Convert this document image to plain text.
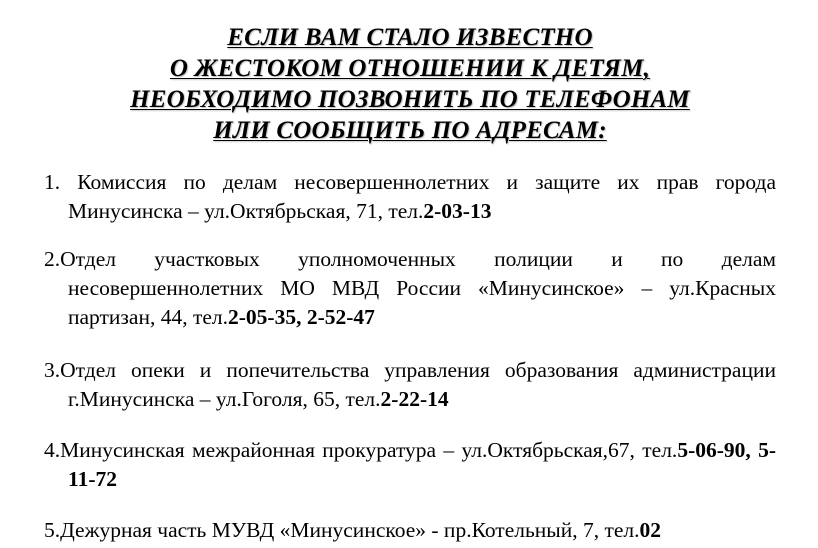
ЕСЛИ ВАМ СТАЛО ИЗВЕСТНО
О ЖЕСТОКОМ ОТНОШЕНИИ К ДЕТЯМ,
НЕОБХОДИМО ПОЗВОНИТЬ ПО ТЕЛЕФОНАМ
ИЛИ СООБЩИТЬ ПО АДРЕСАМ:

1. Комиссия по делам несовершеннолетних и защите их прав города Минусинска – ул.Октябрьская, 71, тел.2-03-13

2.Отдел участковых уполномоченных полиции и по делам несовершеннолетних МО МВД России «Минусинское» – ул.Красных партизан, 44, тел.2-05-35, 2-52-47

3.Отдел опеки и попечительства управления образования администрации г.Минусинска – ул.Гоголя, 65, тел.2-22-14

4.Минусинская межрайонная прокуратура – ул.Октябрьская,67, тел.5-06-90, 5-11-72

5.Дежурная часть МУВД «Минусинское» - пр.Котельный, 7, тел.02
